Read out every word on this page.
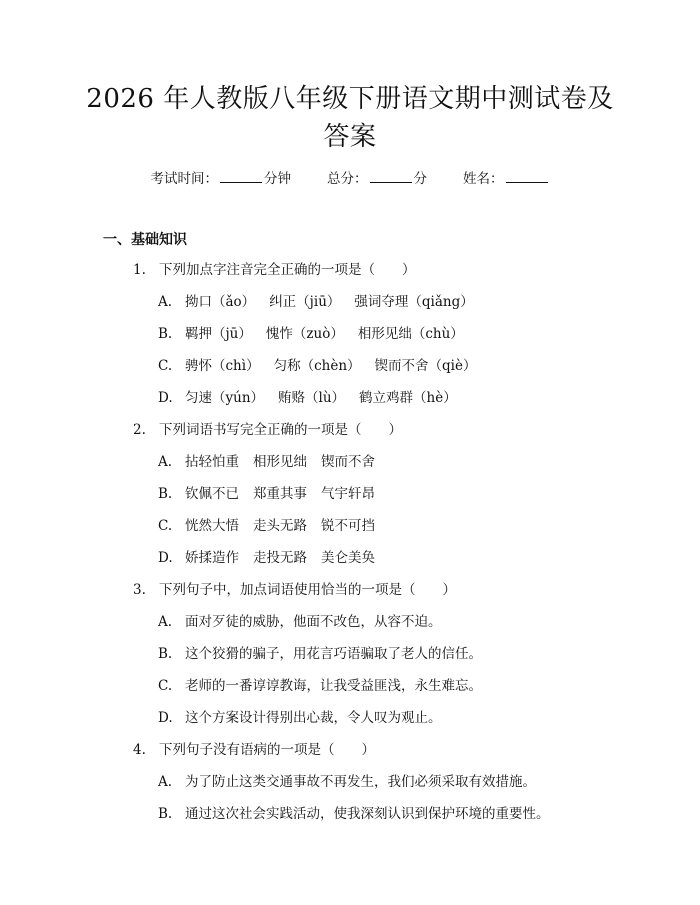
2026 年人教版八年级下册语文期中测试卷及
答案
考试时间：	分钟	总分：	分	姓名：
一、基础知识
1. 下列加点字注音完全正确的一项是（　　）
A. 拗口（ǎo） 纠正（jiū） 强词夺理（qiǎng）
B. 羁押（jū） 愧怍（zuò） 相形见绌（chù）
C. 骋怀（chì） 匀称（chèn） 锲而不舍（qiè）
D. 匀速（yún） 贿赂（lù） 鹤立鸡群（hè）
2. 下列词语书写完全正确的一项是（　　）
A. 拈轻怕重 相形见绌 锲而不舍
B. 钦佩不已 郑重其事 气宇轩昂
C. 恍然大悟 走头无路 锐不可挡
D. 娇揉造作 走投无路 美仑美奂
3. 下列句子中，加点词语使用恰当的一项是（　　）
A. 面对歹徒的威胁，他面不改色，从容不迫。
B. 这个狡猾的骗子，用花言巧语骗取了老人的信任。
C. 老师的一番谆谆教诲，让我受益匪浅，永生难忘。
D. 这个方案设计得别出心裁，令人叹为观止。
4. 下列句子没有语病的一项是（　　）
A. 为了防止这类交通事故不再发生，我们必须采取有效措施。
B. 通过这次社会实践活动，使我深刻认识到保护环境的重要性。
